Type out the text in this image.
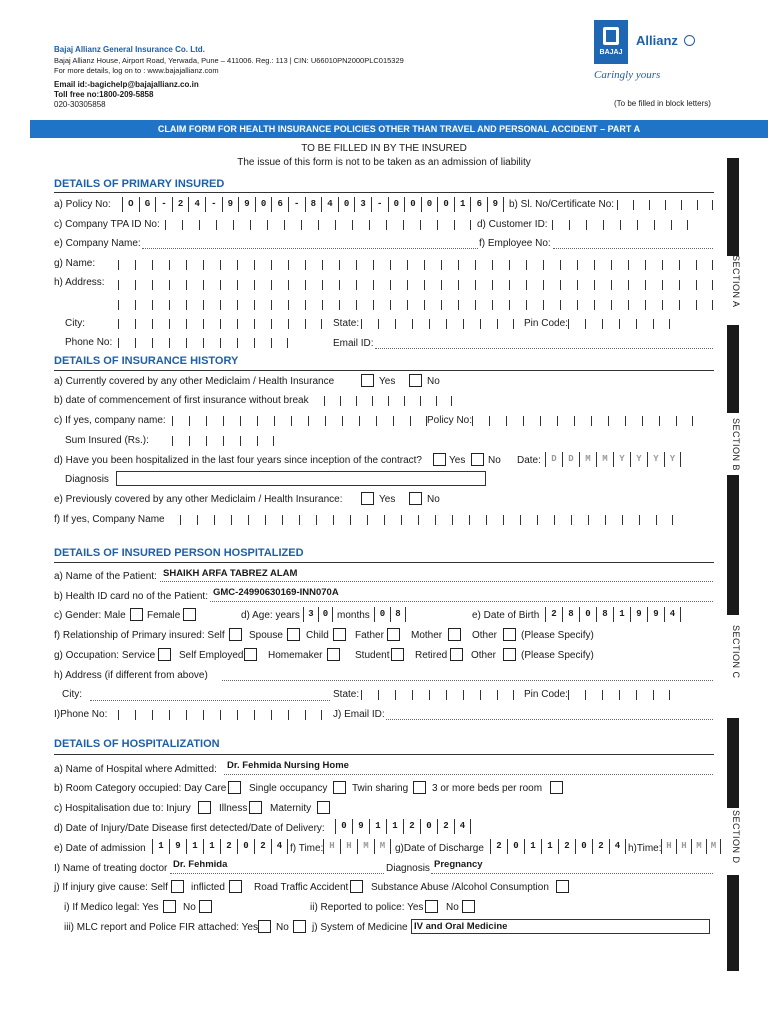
Bajaj Allianz General Insurance Co. Ltd.
Bajaj Allianz House, Airport Road, Yerwada, Pune – 411006. Reg.: 113 | CIN: U66010PN2000PLC015329
For more details, log on to : www.bajajallianz.com
Email id:-bagichelp@bajajallianz.co.in
Toll free no:1800-209-5858
020-30305858
BAJAJ
Allianz
Caringly yours
(To be filled in block letters)
CLAIM FORM FOR HEALTH INSURANCE POLICIES OTHER THAN TRAVEL AND PERSONAL ACCIDENT – PART A
TO BE FILLED IN BY THE INSURED
The issue of this form is not to be taken as an admission of liability
SECTION A
SECTION B
SECTION C
SECTION D
DETAILS OF PRIMARY INSURED
a) Policy No:	O	G	-	2	4	-	9	9	0	6	-	8	4	0	3	-	0	0	0	0	1	6	9	b) Sl. No/Certificate No:
c) Company TPA ID No:	d) Customer ID:
e) Company Name:	f) Employee No:
g) Name:
h) Address:
City:	State:	Pin Code:
Phone No:	Email ID:
DETAILS OF INSURANCE HISTORY
a) Currently covered by any other Mediclaim / Health Insurance	Yes	No
b) date of commencement of first insurance without break
c) If yes, company name:	Policy No:
Sum Insured (Rs.):
d) Have you been hospitalized in the last four years since inception of the contract?	Yes No Date:	D	D	M	M	Y	Y	Y	Y
Diagnosis
e) Previously covered by any other Mediclaim / Health Insurance:	Yes	No
f) If yes, Company Name
DETAILS OF INSURED PERSON HOSPITALIZED
a) Name of the Patient: SHAIKH ARFA TABREZ ALAM
b) Health ID card no of the Patient: GMC-24990630169-INN070A
c) Gender: Male Female	d) Age: years 3	0 months	0	8	e) Date of Birth	2	8	0	8	1	9	9	4
f) Relationship of Primary insured: Self Spouse Child	Father	Mother	Other (Please Specify)
g) Occupation: Service Self Employed Homemaker	Student	Retired Other (Please Specify)
h) Address (if different from above)
City:	State:	Pin Code:
I)Phone No:	J) Email ID:
DETAILS OF HOSPITALIZATION
a) Name of Hospital where Admitted: Dr. Fehmida Nursing Home
b) Room Category occupied: Day Care Single occupancy Twin sharing 3 or more beds per room
c) Hospitalisation due to: Injury	Illness Maternity
d) Date of Injury/Date Disease first detected/Date of Delivery:	0	9	1	1	2	0	2	4
e) Date of admission	1	9	1	1	2	0	2	4 f) Time: H	H	M	M g)Date of Discharge	2	0	1	1	2	0	2	4 h)Time: H	H	M	M
I) Name of treating doctor Dr. Fehmida	Diagnosis Pregnancy
j) If injury give cause: Self inflicted	Road Traffic Accident Substance Abuse /Alcohol Consumption
i) If Medico legal: Yes No	ii) Reported to police: Yes No
iii) MLC report and Police FIR attached: Yes No j) System of Medicine IV and Oral Medicine
